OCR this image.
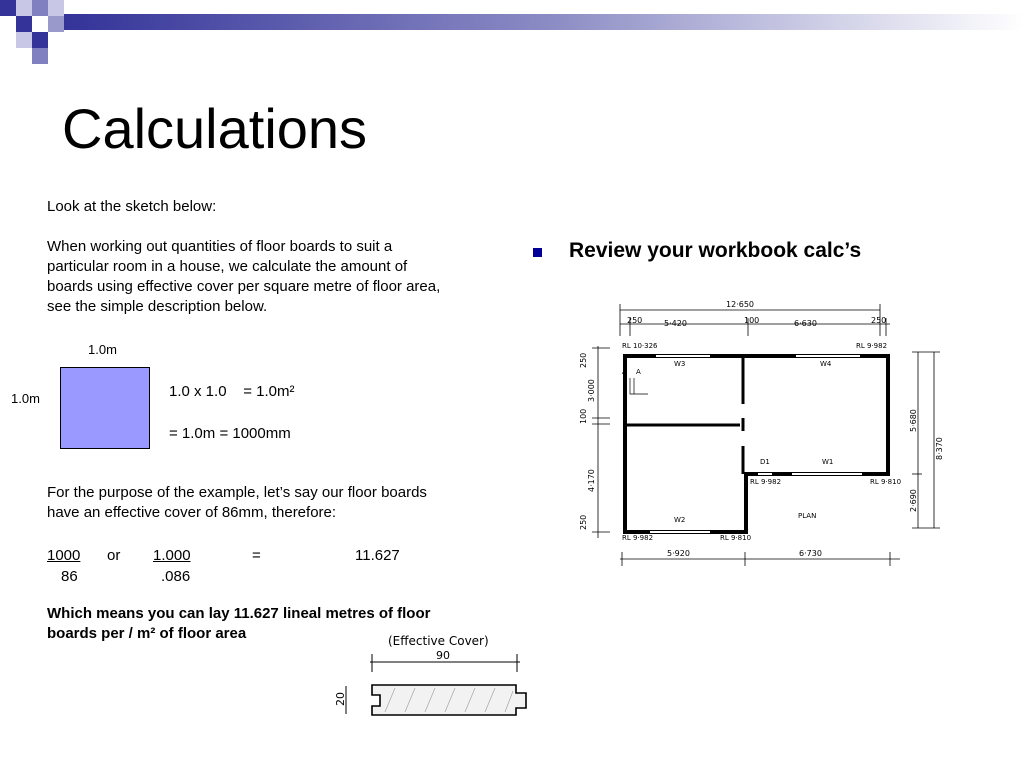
Calculations
Look at the sketch below:
When working out quantities of floor boards to suit a particular room in a house, we calculate the amount of boards using effective cover per square metre of floor area, see the simple description below.
1.0m
1.0m	1.0 x 1.0    = 1.0m²
= 1.0m = 1000mm
For the purpose of the example, let’s say our floor boards have an effective cover of 86mm, therefore:
1000
86
or 1.000
.086
=	11.627
Which means you can lay 11.627 lineal metres of floor boards per / m² of floor area
Review your workbook calc’s
(Effective Cover)
90
20
12·650
250	5·420	100	6·630	250
5·920	6·730
250
3·000
100
4·170
250
5·680
2·690
8·370
RL 10·326	RL 9·982
RL 9·982	RL 9·810
RL 9·982	RL 9·810
W3	W4
W1
W2
D1
A A
PLAN
